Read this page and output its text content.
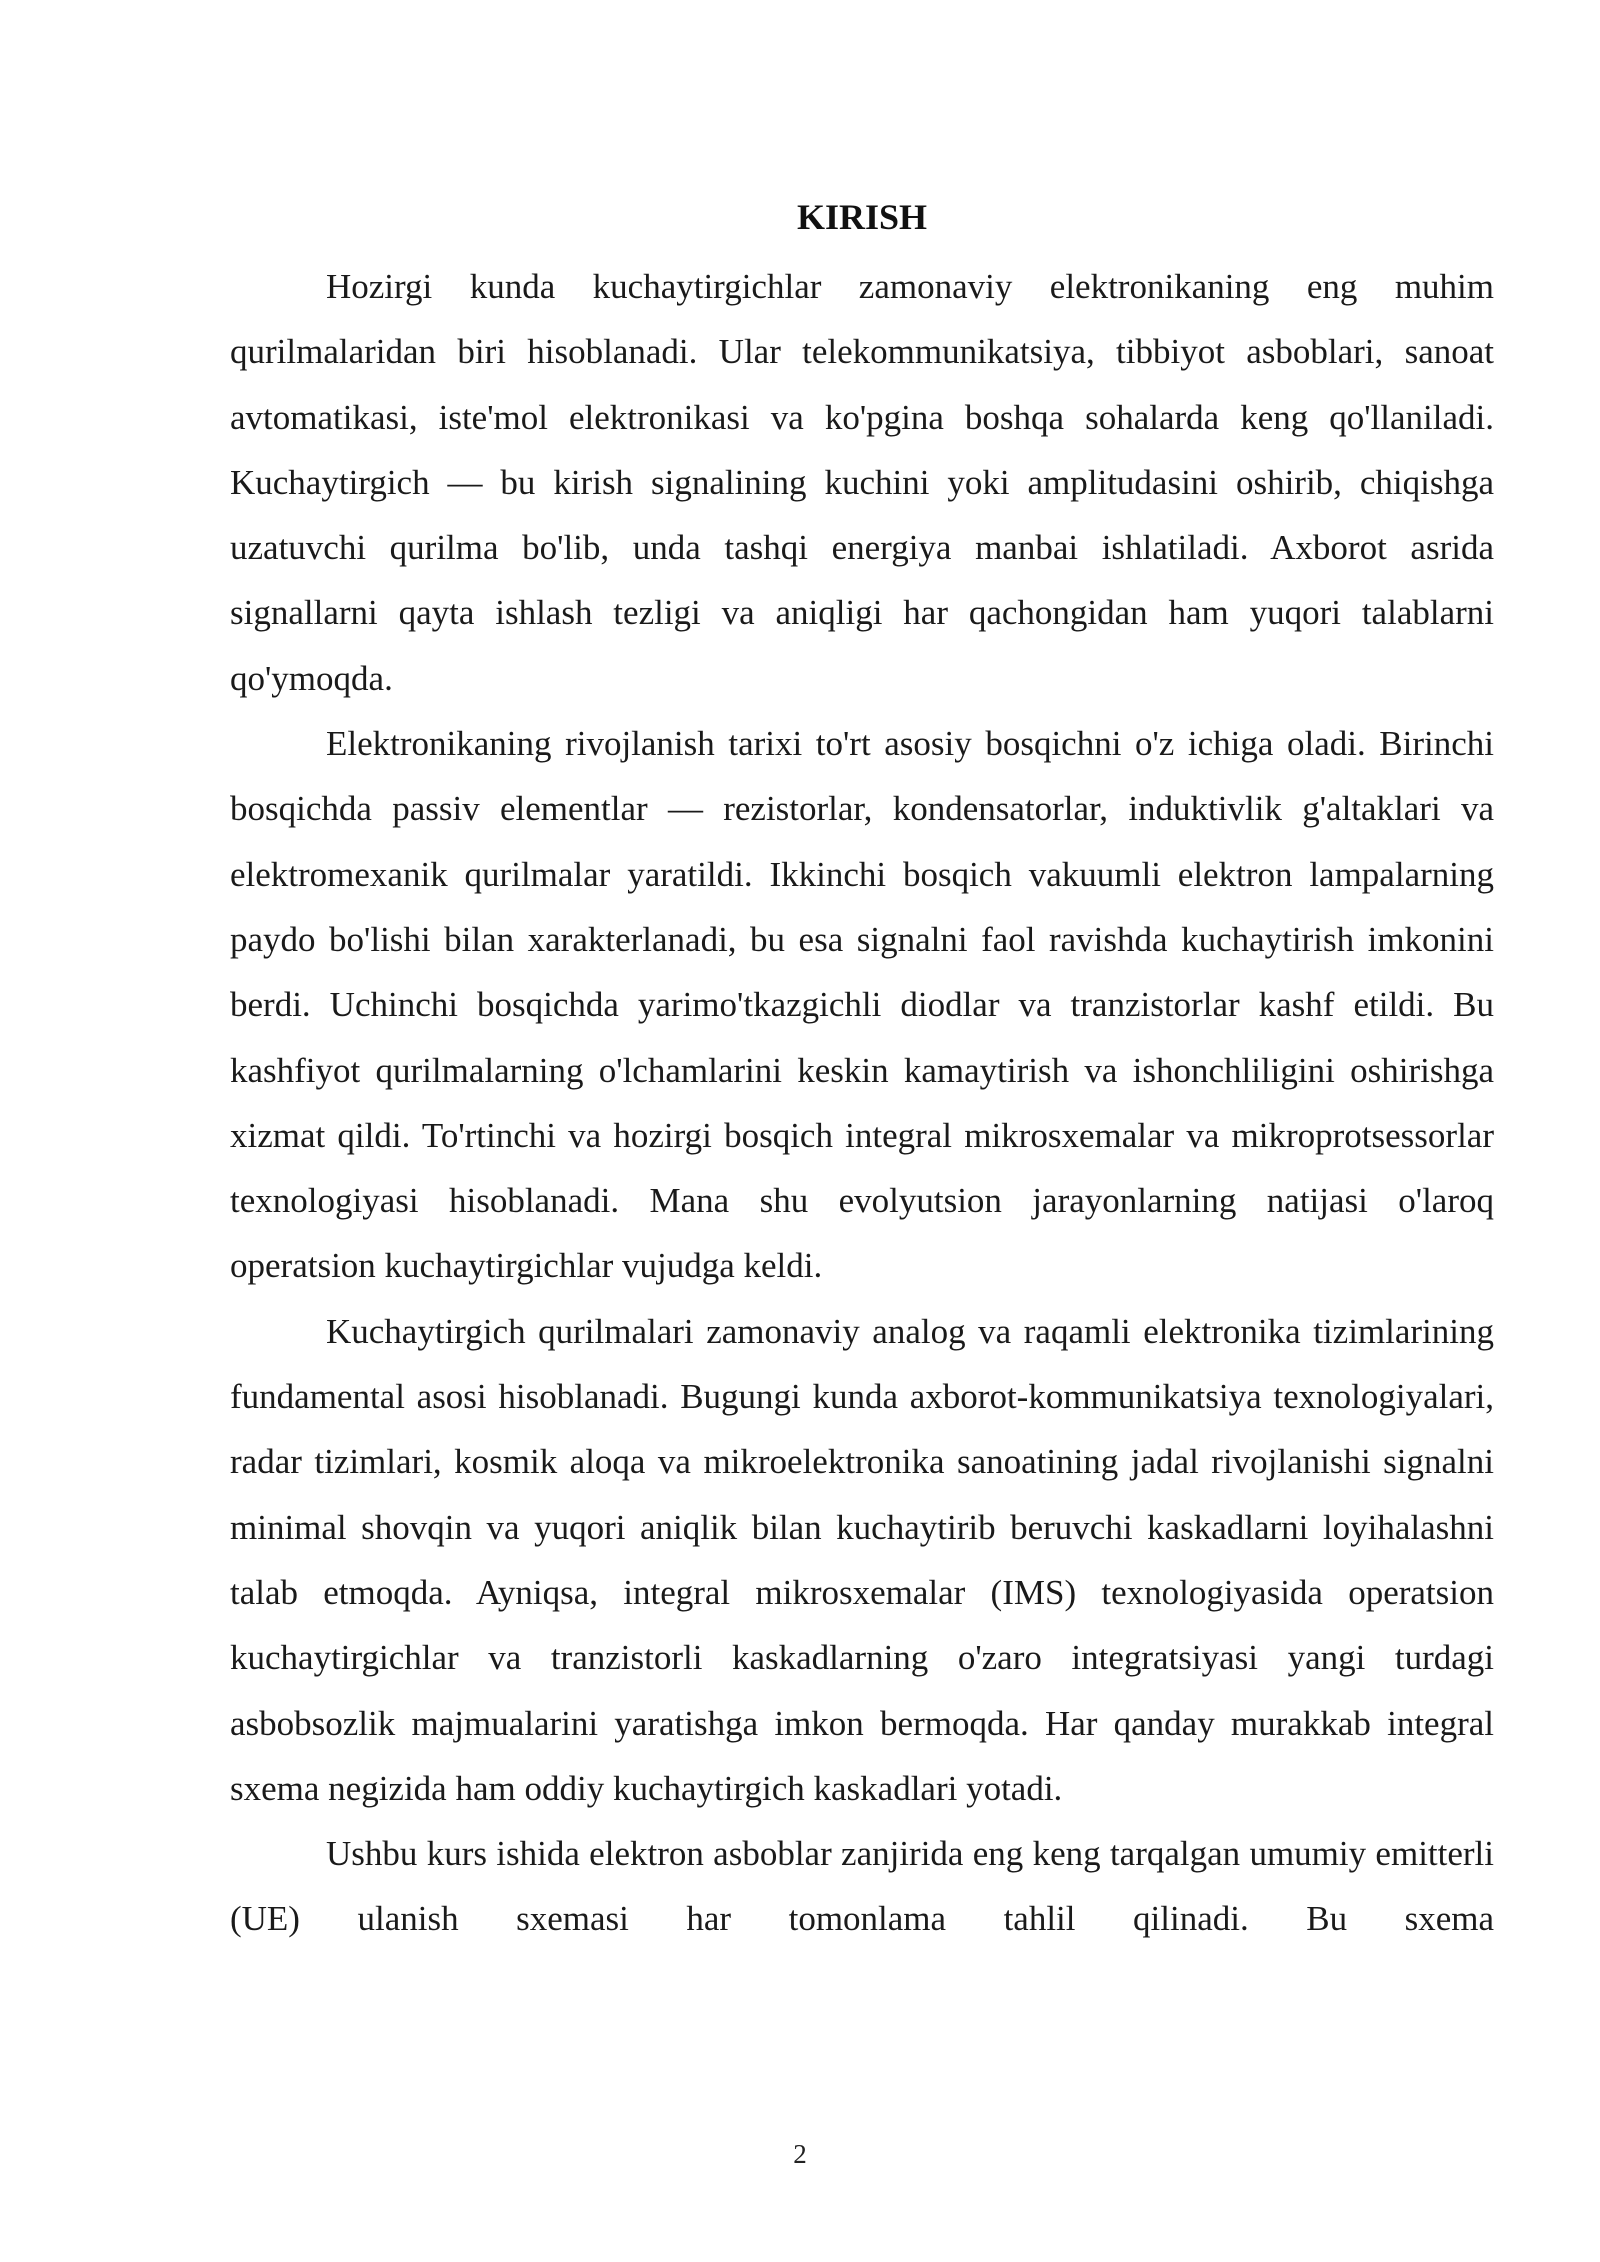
KIRISH

Hozirgi kunda kuchaytirgichlar zamonaviy elektronikaning eng muhim qurilmalaridan biri hisoblanadi. Ular telekommunikatsiya, tibbiyot asboblari, sanoat avtomatikasi, iste'mol elektronikasi va ko'pgina boshqa sohalarda keng qo'llaniladi. Kuchaytirgich — bu kirish signalining kuchini yoki amplitudasini oshirib, chiqishga uzatuvchi qurilma bo'lib, unda tashqi energiya manbai ishlatiladi. Axborot asrida signallarni qayta ishlash tezligi va aniqligi har qachongidan ham yuqori talablarni qo'ymoqda.

Elektronikaning rivojlanish tarixi to'rt asosiy bosqichni o'z ichiga oladi. Birinchi bosqichda passiv elementlar — rezistorlar, kondensatorlar, induktivlik g'altaklari va elektromexanik qurilmalar yaratildi. Ikkinchi bosqich vakuumli elektron lampalarning paydo bo'lishi bilan xarakterlanadi, bu esa signalni faol ravishda kuchaytirish imkonini berdi. Uchinchi bosqichda yarimo'tkazgichli diodlar va tranzistorlar kashf etildi. Bu kashfiyot qurilmalarning o'lchamlarini keskin kamaytirish va ishonchliligini oshirishga xizmat qildi. To'rtinchi va hozirgi bosqich integral mikrosxemalar va mikroprotsessorlar texnologiyasi hisoblanadi. Mana shu evolyutsion jarayonlarning natijasi o'laroq operatsion kuchaytirgichlar vujudga keldi.

Kuchaytirgich qurilmalari zamonaviy analog va raqamli elektronika tizimlarining fundamental asosi hisoblanadi. Bugungi kunda axborot-kommunikatsiya texnologiyalari, radar tizimlari, kosmik aloqa va mikroelektronika sanoatining jadal rivojlanishi signalni minimal shovqin va yuqori aniqlik bilan kuchaytirib beruvchi kaskadlarni loyihalashni talab etmoqda. Ayniqsa, integral mikrosxemalar (IMS) texnologiyasida operatsion kuchaytirgichlar va tranzistorli kaskadlarning o'zaro integratsiyasi yangi turdagi asbobsozlik majmualarini yaratishga imkon bermoqda. Har qanday murakkab integral sxema negizida ham oddiy kuchaytirgich kaskadlari yotadi.

Ushbu kurs ishida elektron asboblar zanjirida eng keng tarqalgan umumiy emitterli (UE) ulanish sxemasi har tomonlama tahlil qilinadi. Bu sxema

2
